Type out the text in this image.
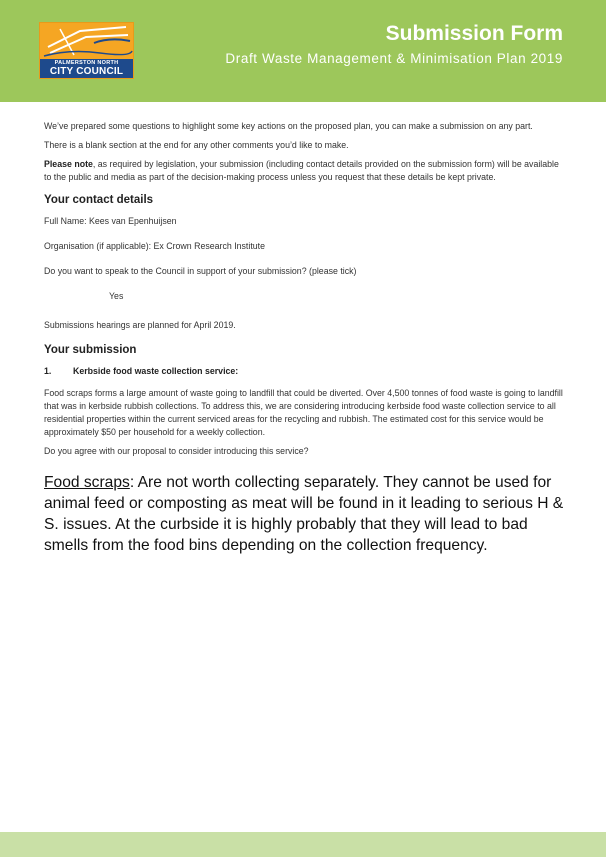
PALMERSTON NORTH
CITY COUNCIL
Submission Form
Draft Waste Management & Minimisation Plan 2019

We’ve prepared some questions to highlight some key actions on the proposed plan, you can make a submission on any part.

There is a blank section at the end for any other comments you’d like to make.

Please note, as required by legislation, your submission (including contact details provided on the submission form) will be available to the public and media as part of the decision-making process unless you request that these details be kept private.

Your contact details
Full Name: Kees van Epenhuijsen
Organisation (if applicable): Ex Crown Research Institute
Do you want to speak to the Council in support of your submission? (please tick)
Yes
Submissions hearings are planned for April 2019.
Your submission
1. Kerbside food waste collection service:

Food scraps forms a large amount of waste going to landfill that could be diverted. Over 4,500 tonnes of food waste is going to landfill that was in kerbside rubbish collections. To address this, we are considering introducing kerbside food waste collection service to all residential properties within the current serviced areas for the recycling and rubbish. The estimated cost for this service would be approximately $50 per household for a weekly collection.

Do you agree with our proposal to consider introducing this service?

Food scraps: Are not worth collecting separately. They cannot be used for animal feed or composting as meat will be found in it leading to serious H & S. issues. At the curbside it is highly probably that they will lead to bad smells from the food bins depending on the collection frequency.
